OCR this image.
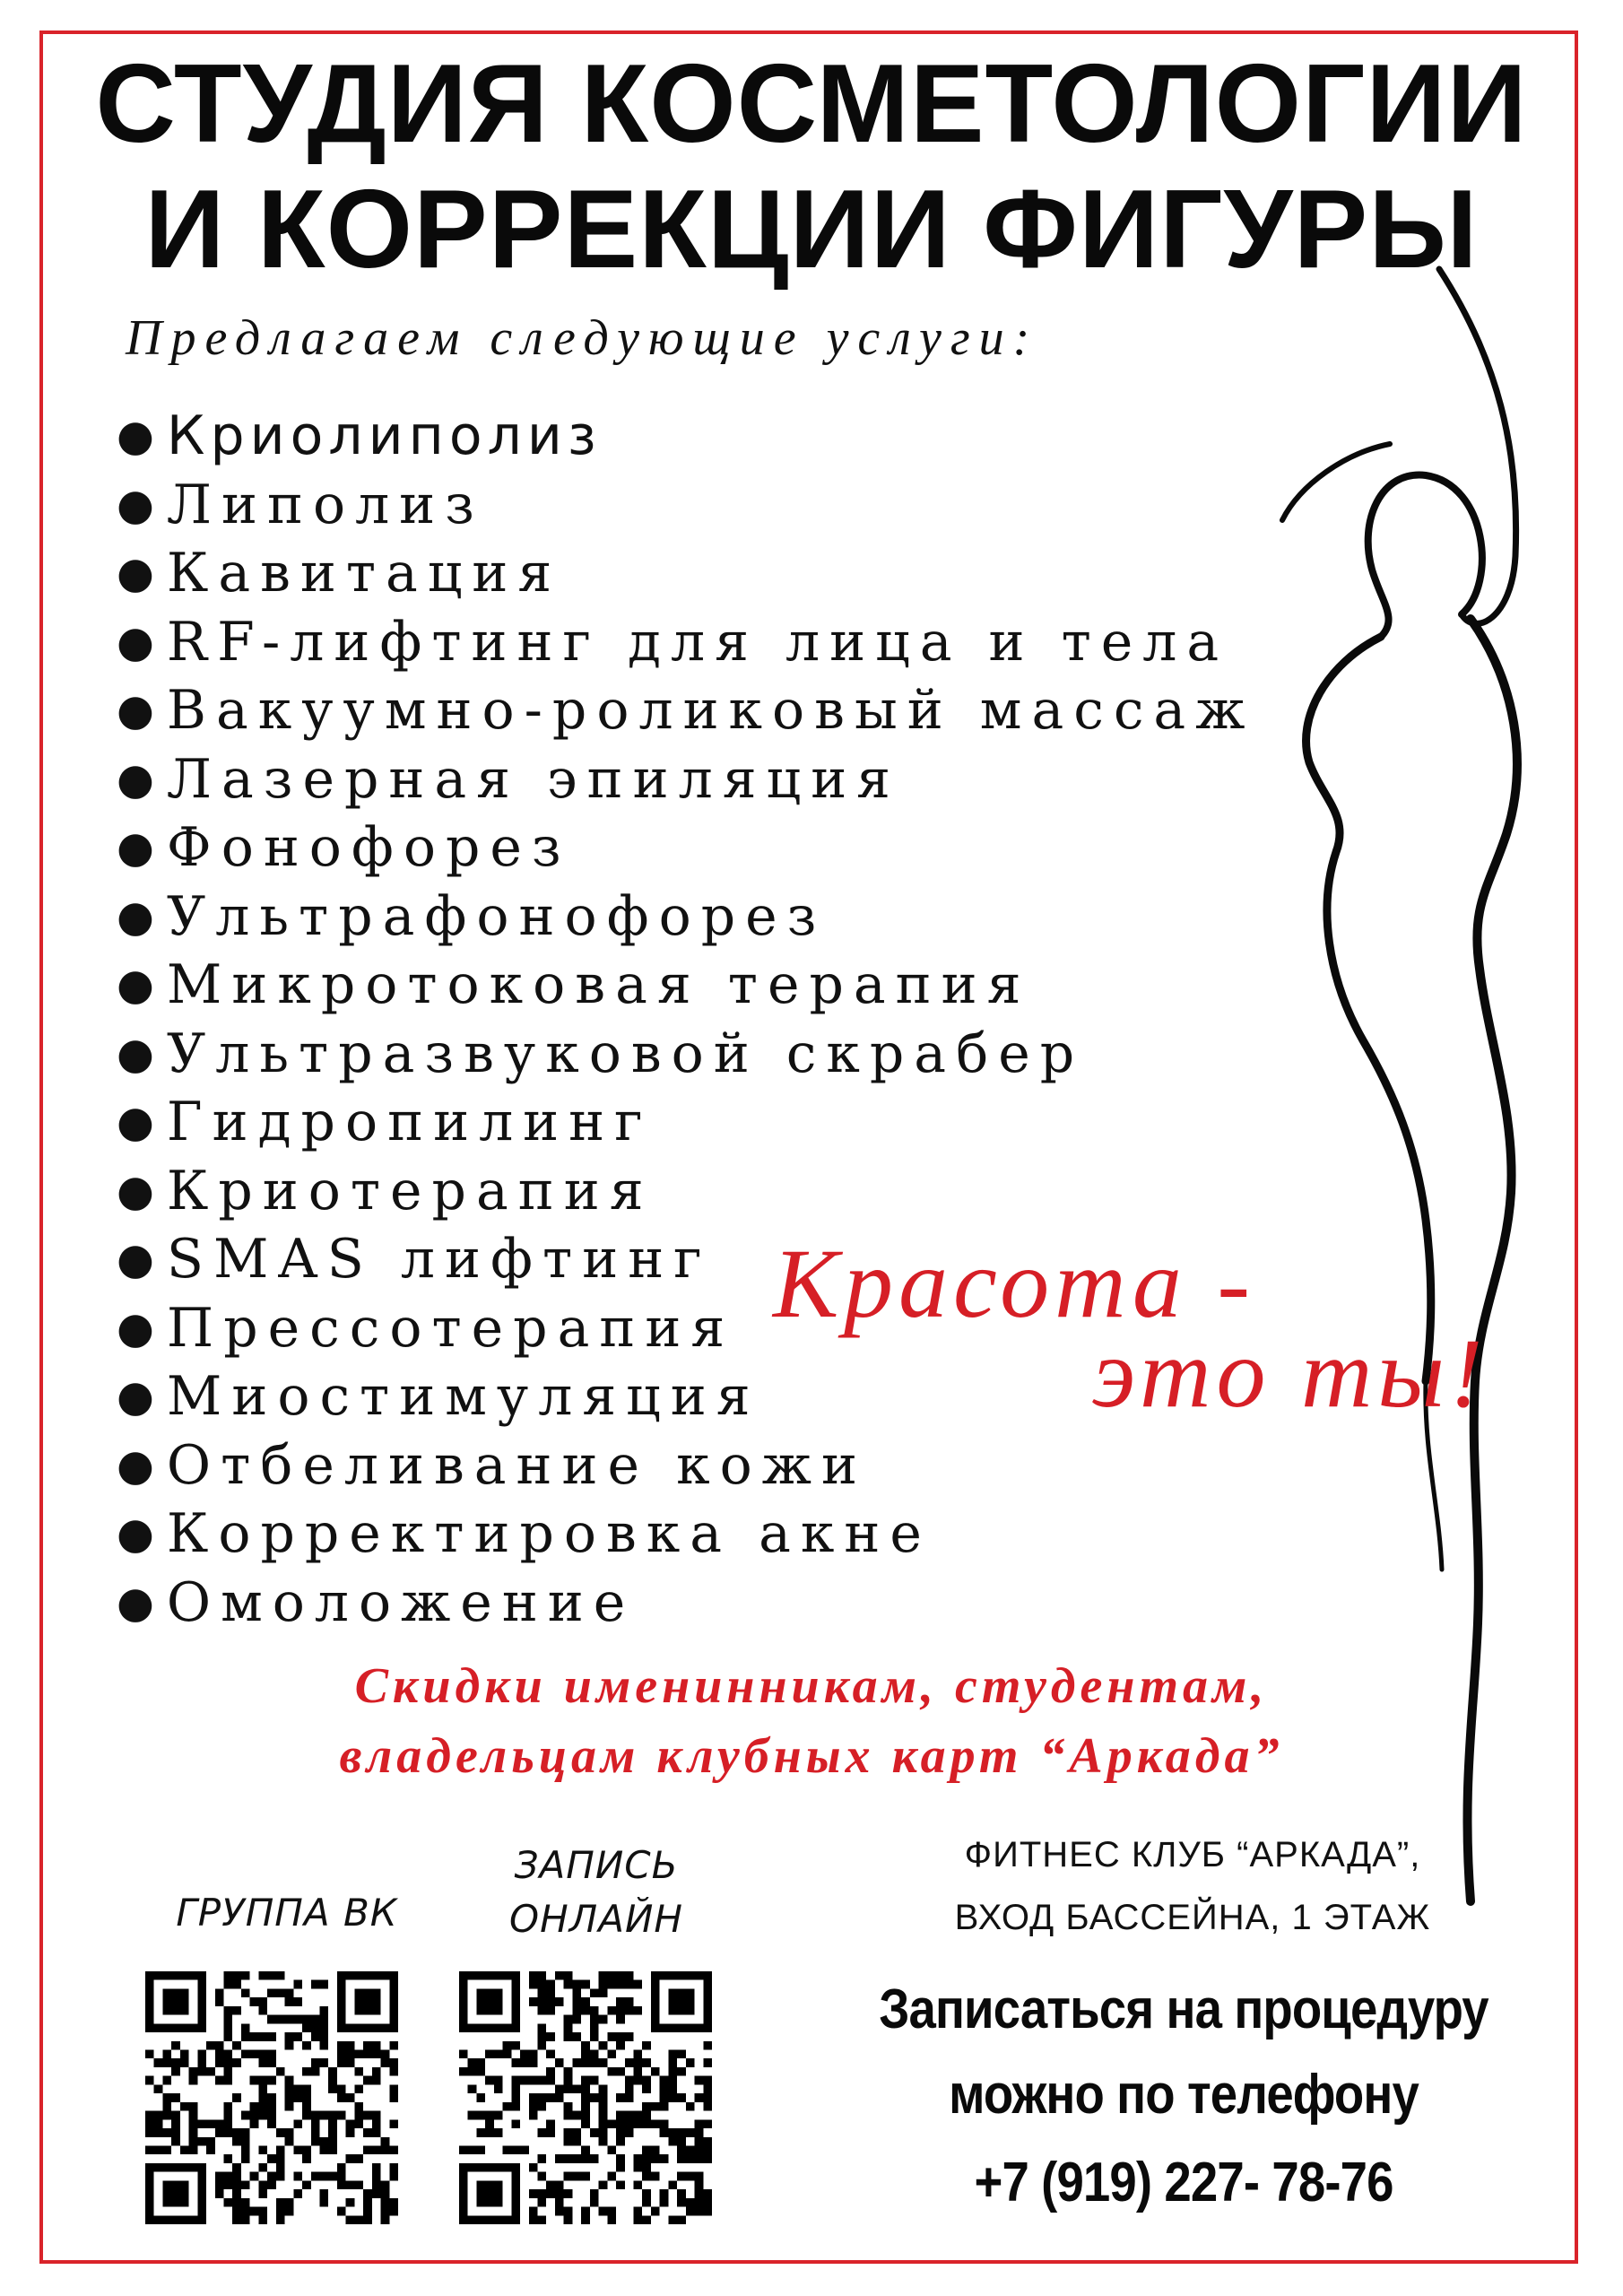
СТУДИЯ КОСМЕТОЛОГИИ
И КОРРЕКЦИИ ФИГУРЫ
Предлагаем следующие услуги:
● Криолиполиз
● Липолиз
● Кавитация
● RF-лифтинг для лица и тела
● Вакуумно-роликовый массаж
● Лазерная эпиляция
● Фонофорез
● Ультрафонофорез
● Микротоковая терапия
● Ультразвуковой скрабер
● Гидропилинг
● Криотерапия
● SMAS лифтинг
● Прессотерапия
● Миостимуляция
● Отбеливание кожи
● Корректировка акне
● Омоложение
Красота -
это ты!
Скидки именинникам, студентам,
владельцам клубных карт “Аркада”
ГРУППА ВК
ЗАПИСЬ
ОНЛАЙН
ФИТНЕС КЛУБ “АРКАДА”,
ВХОД БАССЕЙНА, 1 ЭТАЖ
Записаться на процедуру
можно по телефону
+7 (919) 227- 78-76
